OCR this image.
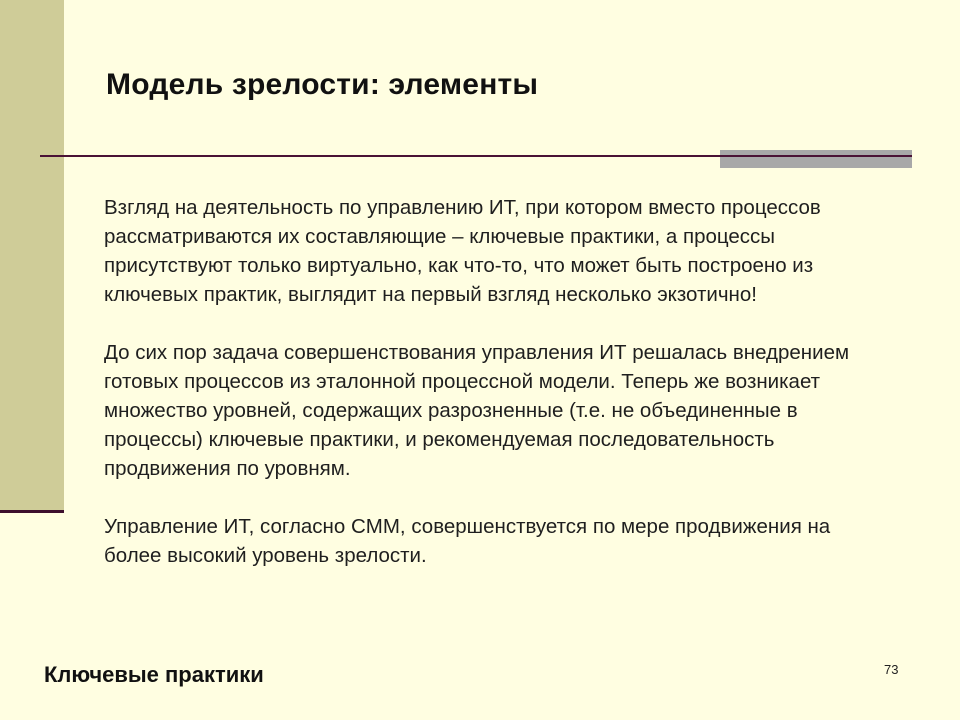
Модель зрелости: элементы

Взгляд на деятельность по управлению ИТ, при котором вместо процессов рассматриваются их составляющие – ключевые практики, а процессы присутствуют только виртуально, как что-то, что может быть построено из ключевых практик, выглядит на первый взгляд несколько экзотично!

До сих пор задача совершенствования управления ИТ решалась внедрением готовых процессов из эталонной процессной модели. Теперь же возникает множество уровней, содержащих разрозненные (т.е. не объединенные в процессы) ключевые практики, и рекомендуемая последовательность продвижения по уровням.

Управление ИТ, согласно CMM, совершенствуется по мере продвижения на более высокий уровень зрелости.

Ключевые практики	73
